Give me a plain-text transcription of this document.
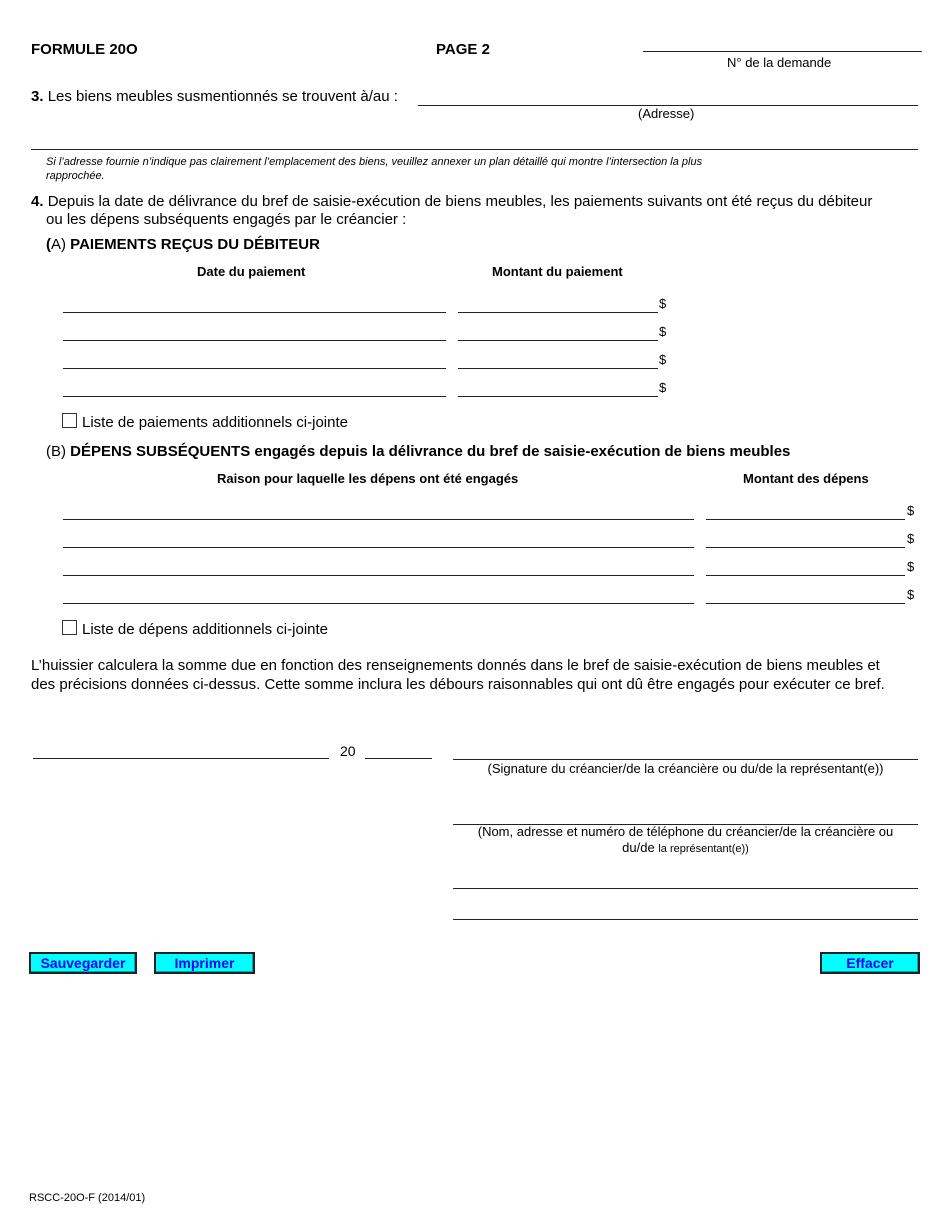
FORMULE 20O	PAGE 2
N° de la demande
3. Les biens meubles susmentionnés se trouvent à/au :
(Adresse)
Si l’adresse fournie n’indique pas clairement l’emplacement des biens, veuillez annexer un plan détaillé qui montre l’intersection la plus
rapprochée.
4. Depuis la date de délivrance du bref de saisie-exécution de biens meubles, les paiements suivants ont été reçus du débiteur
ou les dépens subséquents engagés par le créancier :
(A) PAIEMENTS REÇUS DU DÉBITEUR
Date du paiement	Montant du paiement
$
$
$
$
Liste de paiements additionnels ci-jointe
(B) DÉPENS SUBSÉQUENTS engagés depuis la délivrance du bref de saisie-exécution de biens meubles
Raison pour laquelle les dépens ont été engagés	Montant des dépens
$
$
$
$
Liste de dépens additionnels ci-jointe
L’huissier calculera la somme due en fonction des renseignements donnés dans le bref de saisie-exécution de biens meubles et
des précisions données ci-dessus. Cette somme inclura les débours raisonnables qui ont dû être engagés pour exécuter ce bref.
20
(Signature du créancier/de la créancière ou du/de la représentant(e))
(Nom, adresse et numéro de téléphone du créancier/de la créancière ou
du/de la représentant(e))
Sauvegarder	Imprimer	Effacer
RSCC-20O-F (2014/01)
